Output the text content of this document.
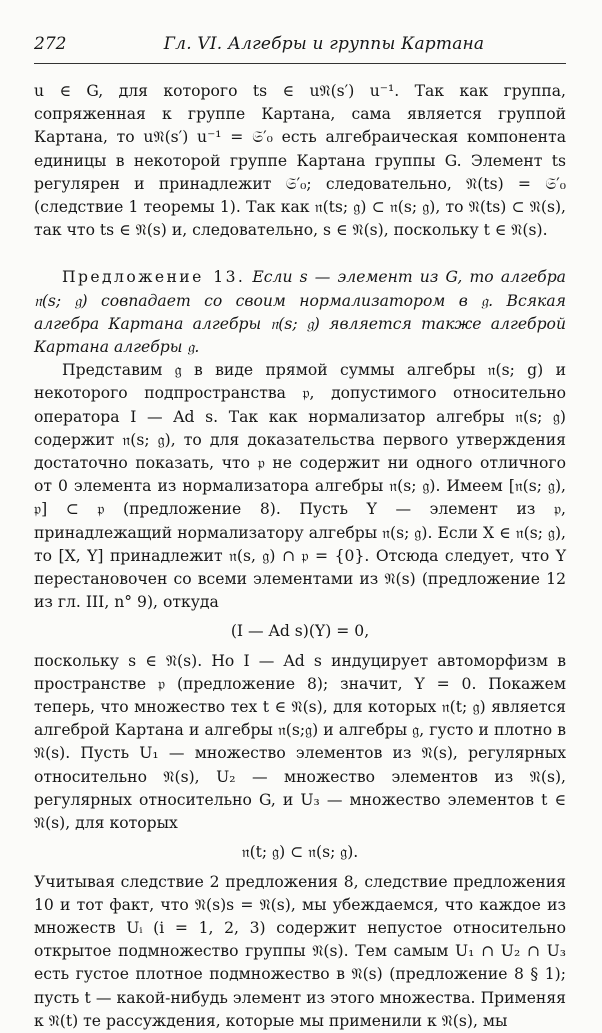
272	Гл. VI. Алгебры и группы Картана

u ∈ G, для которого ts ∈ u𝔑(s′) u⁻¹. Так как группа, сопряженная к группе Картана, сама является группой Картана, то u𝔑(s′) u⁻¹ = 𝔖′₀ есть алгебраическая компонента единицы в некоторой группе Картана группы G. Элемент ts регулярен и принадлежит 𝔖′₀; следовательно, 𝔑(ts) = 𝔖′₀ (следствие 1 теоремы 1). Так как 𝔫(ts; 𝔤) ⊂ 𝔫(s; 𝔤), то 𝔑(ts) ⊂ 𝔑(s), так что ts ∈ 𝔑(s) и, следовательно, s ∈ 𝔑(s), поскольку t ∈ 𝔑(s).

Предложение 13. Если s — элемент из G, то алгебра 𝔫(s; 𝔤) совпадает со своим нормализатором в 𝔤. Всякая алгебра Картана алгебры 𝔫(s; 𝔤) является также алгеброй Картана алгебры 𝔤.

Представим 𝔤 в виде прямой суммы алгебры 𝔫(s; g) и некоторого подпространства 𝔭, допустимого относительно оператора I — Ad s. Так как нормализатор алгебры 𝔫(s; 𝔤) содержит 𝔫(s; 𝔤), то для доказательства первого утверждения достаточно показать, что 𝔭 не содержит ни одного отличного от 0 элемента из нормализатора алгебры 𝔫(s; 𝔤). Имеем [𝔫(s; 𝔤), 𝔭] ⊂ 𝔭 (предложение 8). Пусть Y — элемент из 𝔭, принадлежащий нормализатору алгебры 𝔫(s; 𝔤). Если X ∈ 𝔫(s; 𝔤), то [X, Y] принадлежит 𝔫(s, 𝔤) ∩ 𝔭 = {0}. Отсюда следует, что Y перестановочен со всеми элементами из 𝔑(s) (предложение 12 из гл. III, n° 9), откуда

(I — Ad s)(Y) = 0,

поскольку s ∈ 𝔑(s). Но I — Ad s индуцирует автоморфизм в пространстве 𝔭 (предложение 8); значит, Y = 0. Покажем теперь, что множество тех t ∈ 𝔑(s), для которых 𝔫(t; 𝔤) является алгеброй Картана и алгебры 𝔫(s;𝔤) и алгебры 𝔤, густо и плотно в 𝔑(s). Пусть U₁ — множество элементов из 𝔑(s), регулярных относительно 𝔑(s), U₂ — множество элементов из 𝔑(s), регулярных относительно G, и U₃ — множество элементов t ∈ 𝔑(s), для которых

𝔫(t; 𝔤) ⊂ 𝔫(s; 𝔤).

Учитывая следствие 2 предложения 8, следствие предложения 10 и тот факт, что 𝔑(s)s = 𝔑(s), мы убеждаемся, что каждое из множеств Uᵢ (i = 1, 2, 3) содержит непустое относительно открытое подмножество группы 𝔑(s). Тем самым U₁ ∩ U₂ ∩ U₃ есть густое плотное подмножество в 𝔑(s) (предложение 8 § 1); пусть t — какой-нибудь элемент из этого множества. Применяя к 𝔑(t) те рассуждения, которые мы применили к 𝔑(s), мы
